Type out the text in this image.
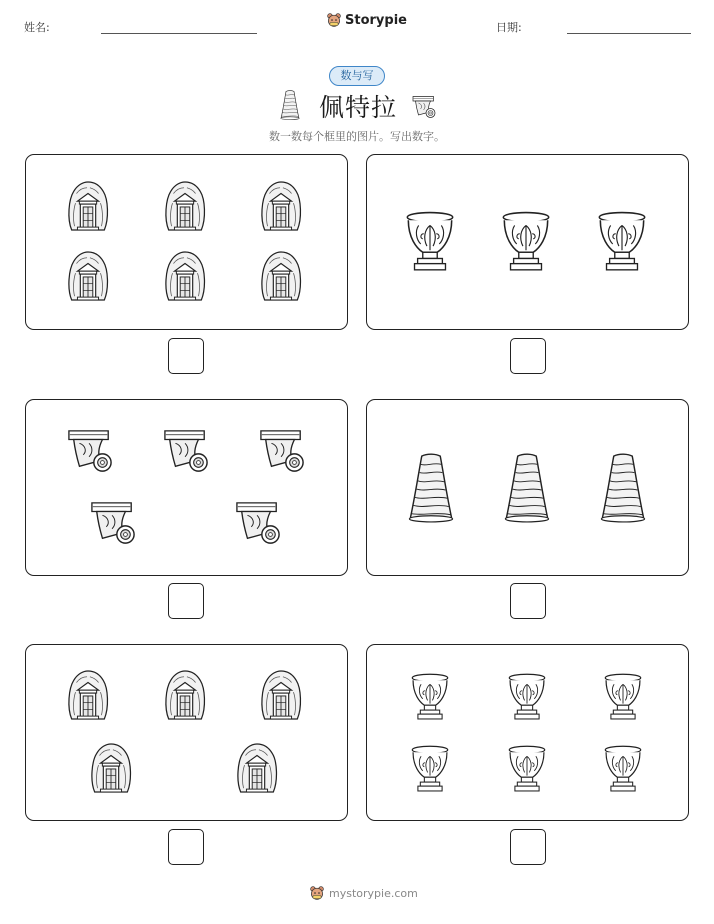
姓名:	Storypie	日期:
数与写
佩特拉
数一数每个框里的图片。写出数字。
mystorypie.com
